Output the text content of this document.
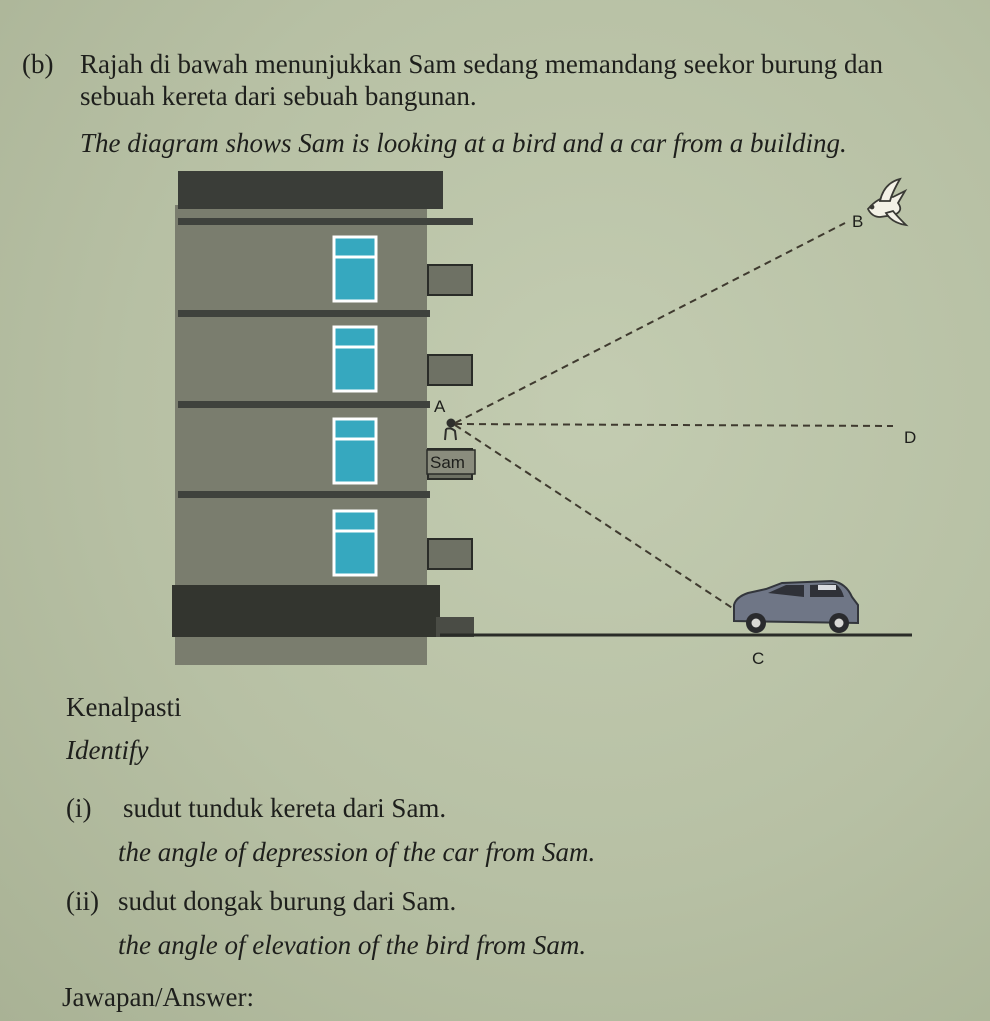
(b) Rajah di bawah menunjukkan Sam sedang memandang seekor burung dan
sebuah kereta dari sebuah bangunan.
The diagram shows Sam is looking at a bird and a car from a building.
B
A
D
Sam
C
Kenalpasti
Identify
(i) sudut tunduk kereta dari Sam.
the angle of depression of the car from Sam.
(ii) sudut dongak burung dari Sam.
the angle of elevation of the bird from Sam.
Jawapan/Answer:
